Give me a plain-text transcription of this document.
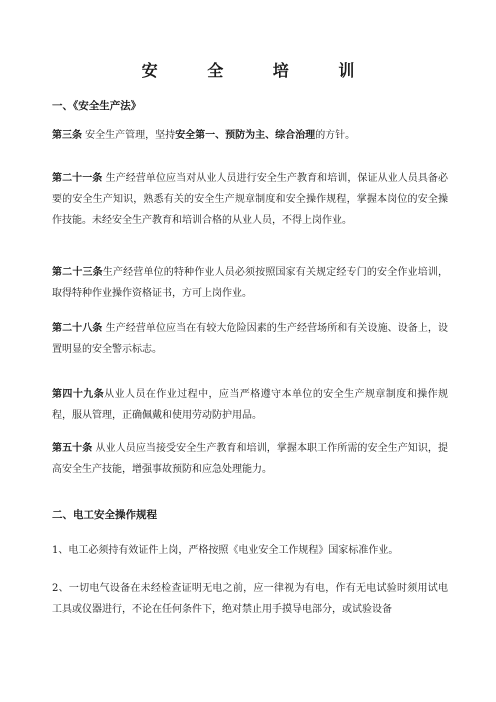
安 全 培 训
一、《安全生产法》
第三条 安全生产管理，坚持安全第一、预防为主、综合治理的方针。
第二十一条 生产经营单位应当对从业人员进行安全生产教育和培训，保证从业人员具备必要的安全生产知识，熟悉有关的安全生产规章制度和安全操作规程，掌握本岗位的安全操作技能。未经安全生产教育和培训合格的从业人员，不得上岗作业。
第二十三条生产经营单位的特种作业人员必须按照国家有关规定经专门的安全作业培训，取得特种作业操作资格证书，方可上岗作业。
第二十八条 生产经营单位应当在有较大危险因素的生产经营场所和有关设施、设备上，设置明显的安全警示标志。
第四十九条从业人员在作业过程中，应当严格遵守本单位的安全生产规章制度和操作规程，服从管理，正确佩戴和使用劳动防护用品。
第五十条 从业人员应当接受安全生产教育和培训，掌握本职工作所需的安全生产知识，提高安全生产技能，增强事故预防和应急处理能力。
二、电工安全操作规程
1、电工必须持有效证件上岗，严格按照《电业安全工作规程》国家标准作业。
2、一切电气设备在未经检查证明无电之前，应一律视为有电，作有无电试验时须用试电工具或仪器进行，不论在任何条件下，绝对禁止用手摸导电部分，或试验设备
